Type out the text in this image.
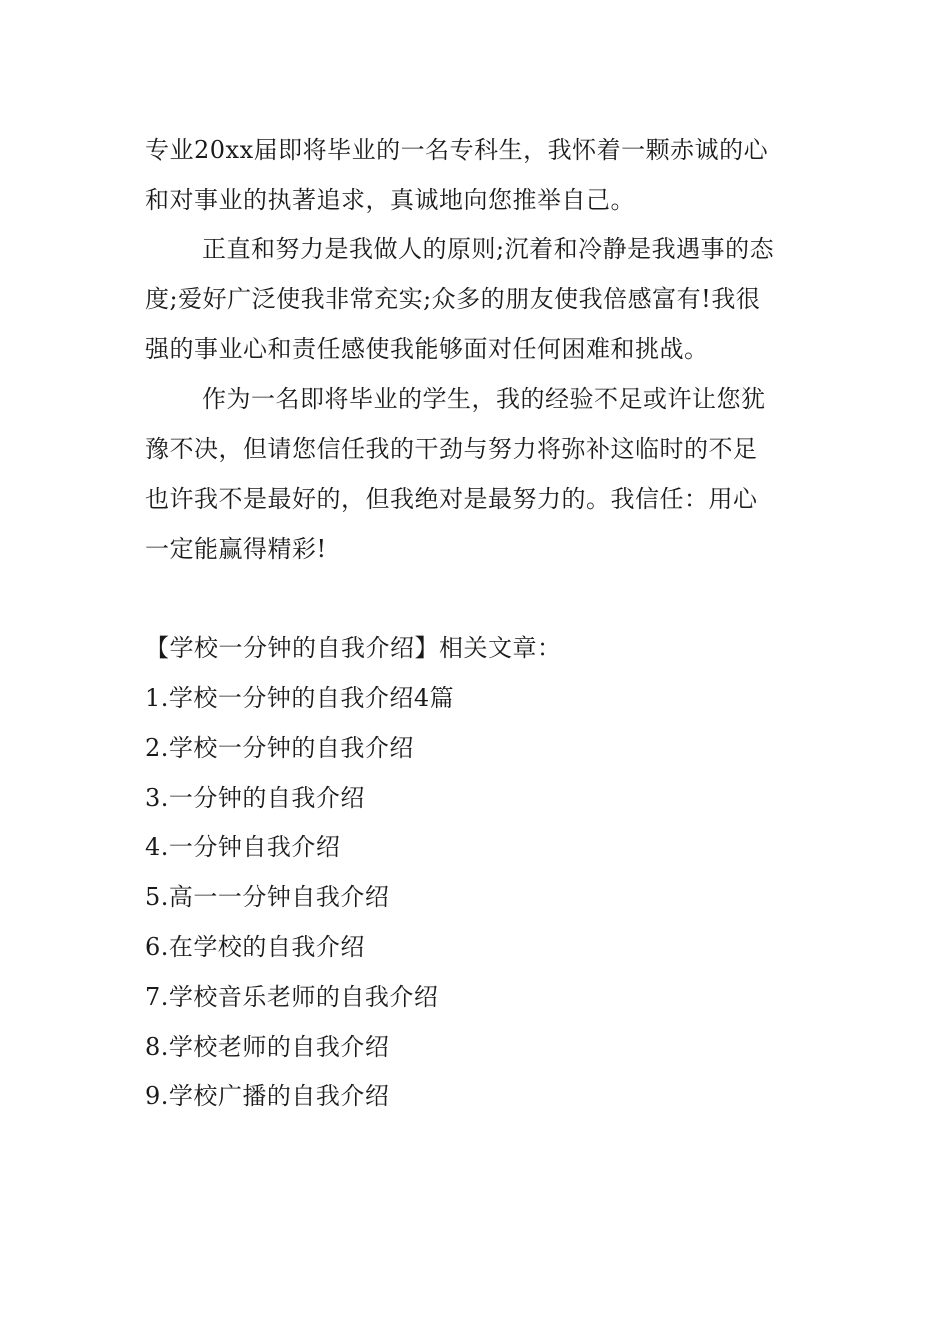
专业20xx届即将毕业的一名专科生，我怀着一颗赤诚的心
和对事业的执著追求，真诚地向您推举自己。
正直和努力是我做人的原则;沉着和冷静是我遇事的态
度;爱好广泛使我非常充实;众多的朋友使我倍感富有!我很
强的事业心和责任感使我能够面对任何困难和挑战。
作为一名即将毕业的学生，我的经验不足或许让您犹
豫不决，但请您信任我的干劲与努力将弥补这临时的不足
也许我不是最好的，但我绝对是最努力的。我信任：用心
一定能赢得精彩!
【学校一分钟的自我介绍】相关文章：
1.学校一分钟的自我介绍4篇
2.学校一分钟的自我介绍
3.一分钟的自我介绍
4.一分钟自我介绍
5.高一一分钟自我介绍
6.在学校的自我介绍
7.学校音乐老师的自我介绍
8.学校老师的自我介绍
9.学校广播的自我介绍
